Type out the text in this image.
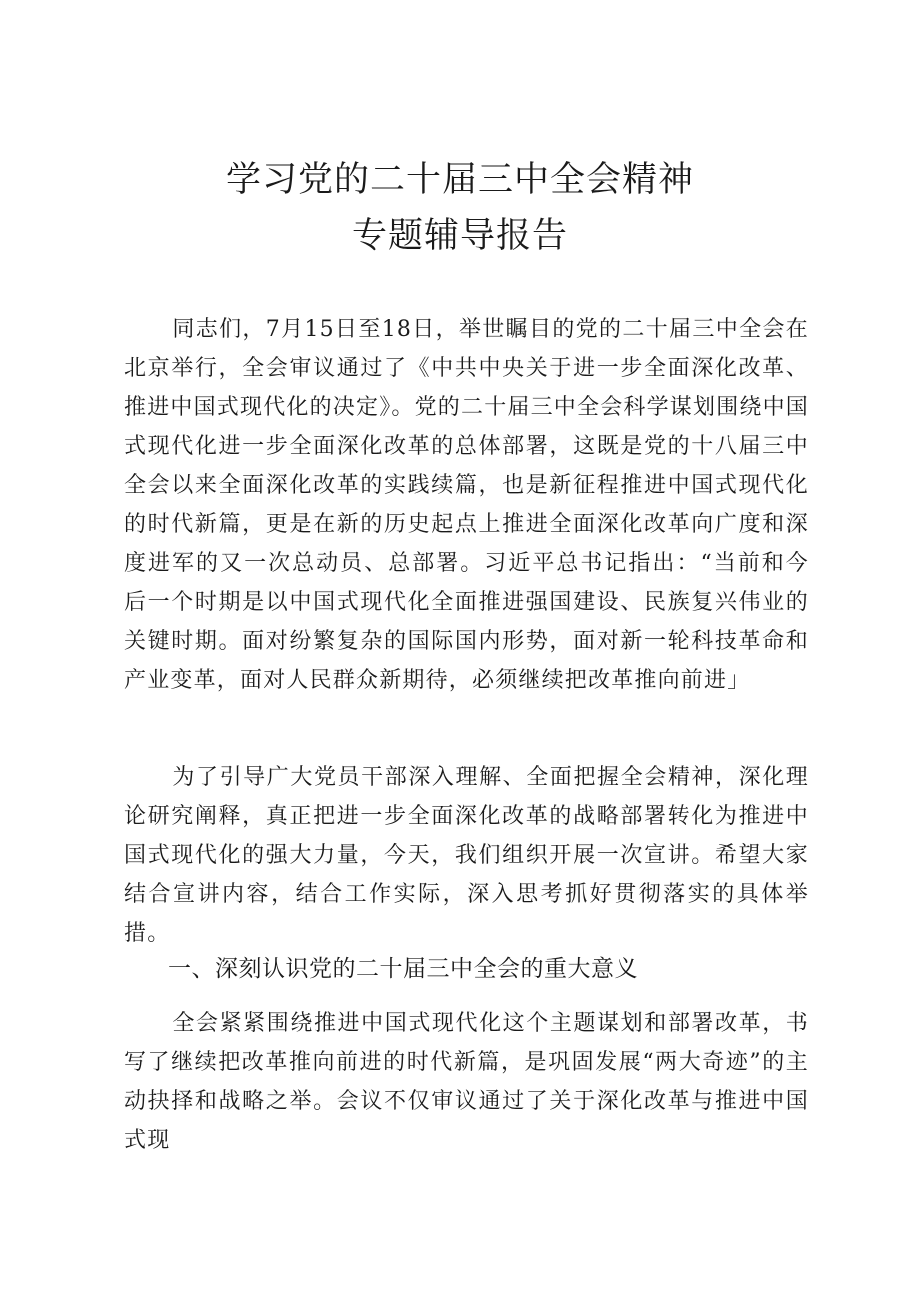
学习党的二十届三中全会精神
专题辅导报告

同志们，7月15日至18日，举世瞩目的党的二十届三中全会在北京举行，全会审议通过了《中共中央关于进一步全面深化改革、推进中国式现代化的决定》。党的二十届三中全会科学谋划围绕中国式现代化进一步全面深化改革的总体部署，这既是党的十八届三中全会以来全面深化改革的实践续篇，也是新征程推进中国式现代化的时代新篇，更是在新的历史起点上推进全面深化改革向广度和深度进军的又一次总动员、总部署。习近平总书记指出：“当前和今后一个时期是以中国式现代化全面推进强国建设、民族复兴伟业的关键时期。面对纷繁复杂的国际国内形势，面对新一轮科技革命和产业变革，面对人民群众新期待，必须继续把改革推向前进」

为了引导广大党员干部深入理解、全面把握全会精神，深化理论研究阐释，真正把进一步全面深化改革的战略部署转化为推进中国式现代化的强大力量，今天，我们组织开展一次宣讲。希望大家结合宣讲内容，结合工作实际，深入思考抓好贯彻落实的具体举措。

一、深刻认识党的二十届三中全会的重大意义

全会紧紧围绕推进中国式现代化这个主题谋划和部署改革，书写了继续把改革推向前进的时代新篇，是巩固发展“两大奇迹”的主动抉择和战略之举。会议不仅审议通过了关于深化改革与推进中国式现
